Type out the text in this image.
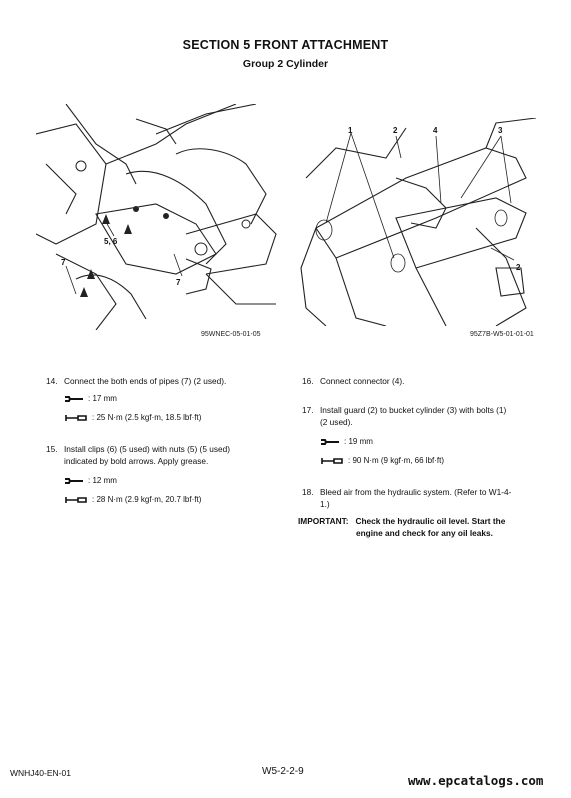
SECTION 5 FRONT ATTACHMENT
Group 2 Cylinder
5, 6
7
7
95WNEC-05-01-05
1	2	4	3
2
95Z7B-W5-01-01-01
14. Connect the both ends of pipes (7) (2 used).
: 17 mm
: 25 N·m (2.5 kgf·m, 18.5 lbf·ft)
15. Install clips (6) (5 used) with nuts (5) (5 used)
indicated by bold arrows. Apply grease.
: 12 mm
: 28 N·m (2.9 kgf·m, 20.7 lbf·ft)
16. Connect connector (4).
17. Install guard (2) to bucket cylinder (3) with bolts (1)
(2 used).
: 19 mm
: 90 N·m (9 kgf·m, 66 lbf·ft)
18. Bleed air from the hydraulic system. (Refer to W1-4-
1.)
IMPORTANT: Check the hydraulic oil level. Start the
engine and check for any oil leaks.
WNHJ40-EN-01	W5-2-2-9
www.epcatalogs.com
